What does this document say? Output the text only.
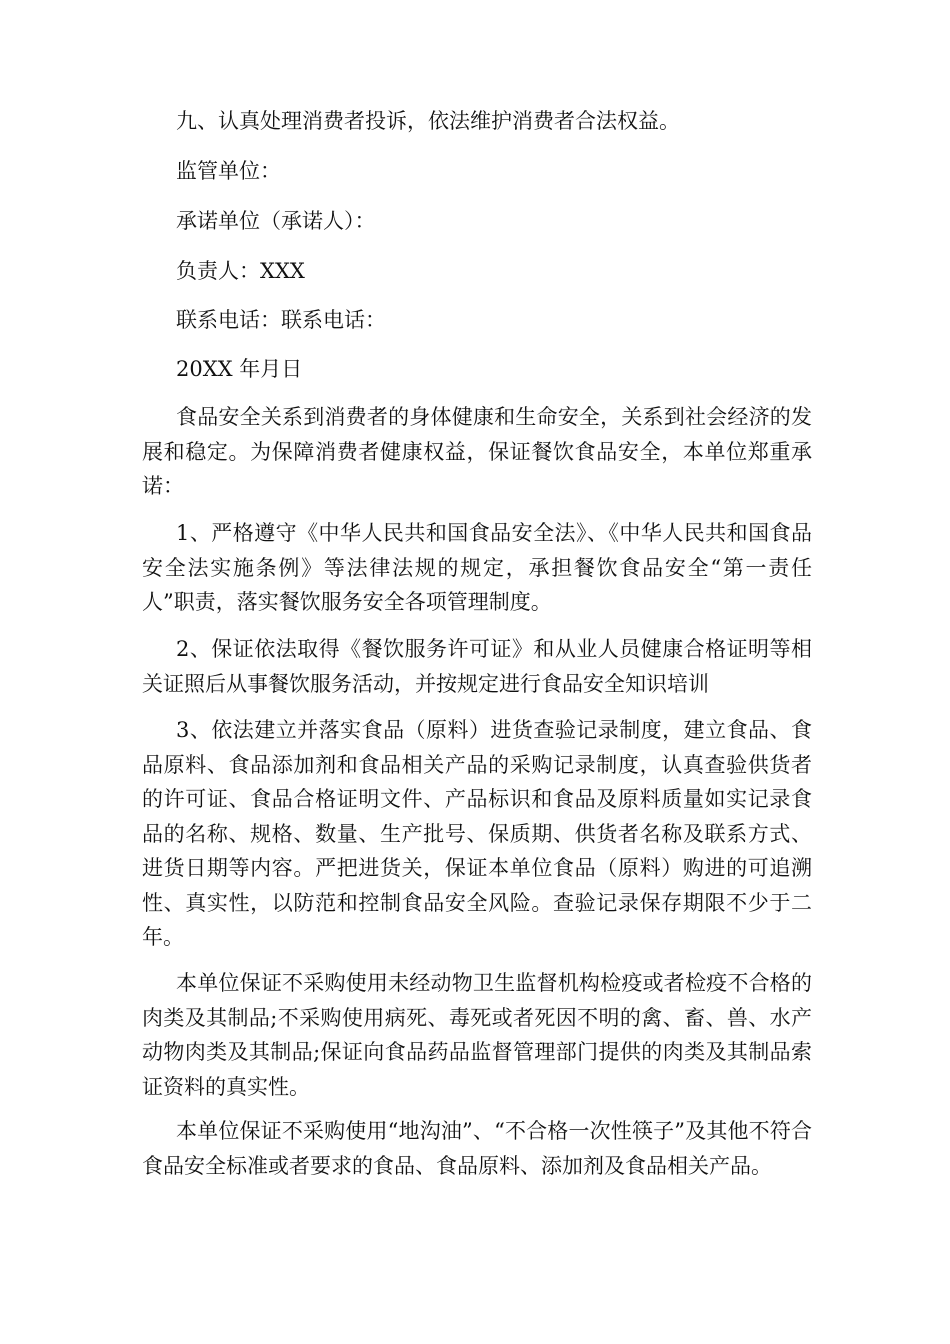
九、认真处理消费者投诉，依法维护消费者合法权益。
监管单位：
承诺单位（承诺人）：
负责人：XXX
联系电话：联系电话：
20XX 年月日

食品安全关系到消费者的身体健康和生命安全，关系到社会经济的发展和稳定。为保障消费者健康权益，保证餐饮食品安全，本单位郑重承诺：

1、严格遵守《中华人民共和国食品安全法》、《中华人民共和国食品安全法实施条例》等法律法规的规定，承担餐饮食品安全“第一责任人”职责，落实餐饮服务安全各项管理制度。

2、保证依法取得《餐饮服务许可证》和从业人员健康合格证明等相关证照后从事餐饮服务活动，并按规定进行食品安全知识培训

3、依法建立并落实食品（原料）进货查验记录制度，建立食品、食品原料、食品添加剂和食品相关产品的采购记录制度，认真查验供货者的许可证、食品合格证明文件、产品标识和食品及原料质量如实记录食品的名称、规格、数量、生产批号、保质期、供货者名称及联系方式、进货日期等内容。严把进货关，保证本单位食品（原料）购进的可追溯性、真实性，以防范和控制食品安全风险。查验记录保存期限不少于二年。

本单位保证不采购使用未经动物卫生监督机构检疫或者检疫不合格的肉类及其制品;不采购使用病死、毒死或者死因不明的禽、畜、兽、水产动物肉类及其制品;保证向食品药品监督管理部门提供的肉类及其制品索证资料的真实性。

本单位保证不采购使用“地沟油”、“不合格一次性筷子”及其他不符合食品安全标准或者要求的食品、食品原料、添加剂及食品相关产品。
